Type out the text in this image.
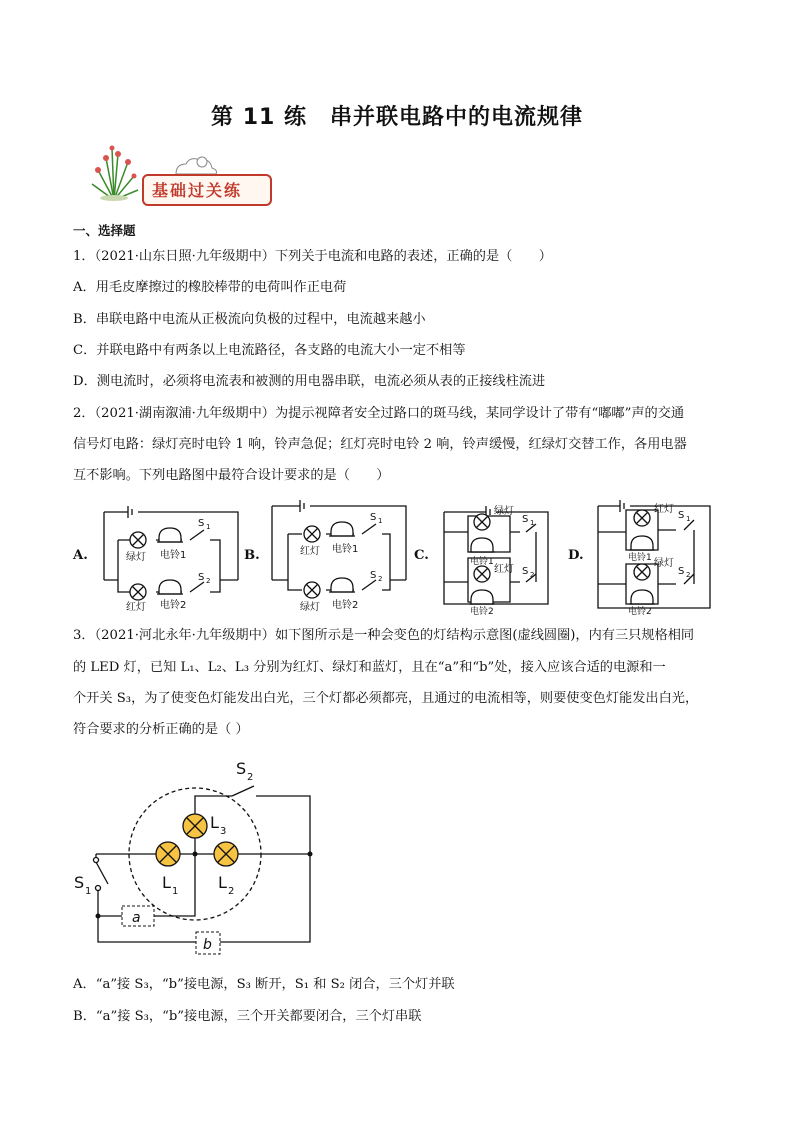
第 11 练　串并联电路中的电流规律
基础过关练
一、选择题
1．（2021·山东日照·九年级期中）下列关于电流和电路的表述，正确的是（　　）
A．用毛皮摩擦过的橡胶棒带的电荷叫作正电荷
B．串联电路中电流从正极流向负极的过程中，电流越来越小
C．并联电路中有两条以上电流路径，各支路的电流大小一定不相等
D．测电流时，必须将电流表和被测的用电器串联，电流必须从表的正接线柱流进
2．（2021·湖南溆浦·九年级期中）为提示视障者安全过路口的斑马线，某同学设计了带有“嘟嘟”声的交通
信号灯电路：绿灯亮时电铃 1 响，铃声急促；红灯亮时电铃 2 响，铃声缓慢，红绿灯交替工作，各用电器
互不影响。下列电路图中最符合设计要求的是（　　）
绿灯 电铃1
S 1
红灯 电铃2
S 2
红灯 电铃1
S 1
绿灯 电铃2
S 2
绿灯
电铃1
S 1
红灯
电铃2
S 2
红灯
电铃1
S 1
绿灯
电铃2
S 2
A.	B.	C.	D.
3．（2021·河北永年·九年级期中）如下图所示是一种会变色的灯结构示意图(虚线圆圈)，内有三只规格相同
的 LED 灯，已知 L₁、L₂、L₃ 分别为红灯、绿灯和蓝灯，且在“a”和“b”处，接入应该合适的电源和一
个开关 S₃，为了使变色灯能发出白光，三个灯都必须都亮，且通过的电流相等，则要使变色灯能发出白光，
符合要求的分析正确的是（ ）
S 2
L 3
L 1 L 2
S 1
a
b
A．“a”接 S₃，“b”接电源，S₃ 断开，S₁ 和 S₂ 闭合，三个灯并联
B．“a”接 S₃，“b”接电源，三个开关都要闭合，三个灯串联
